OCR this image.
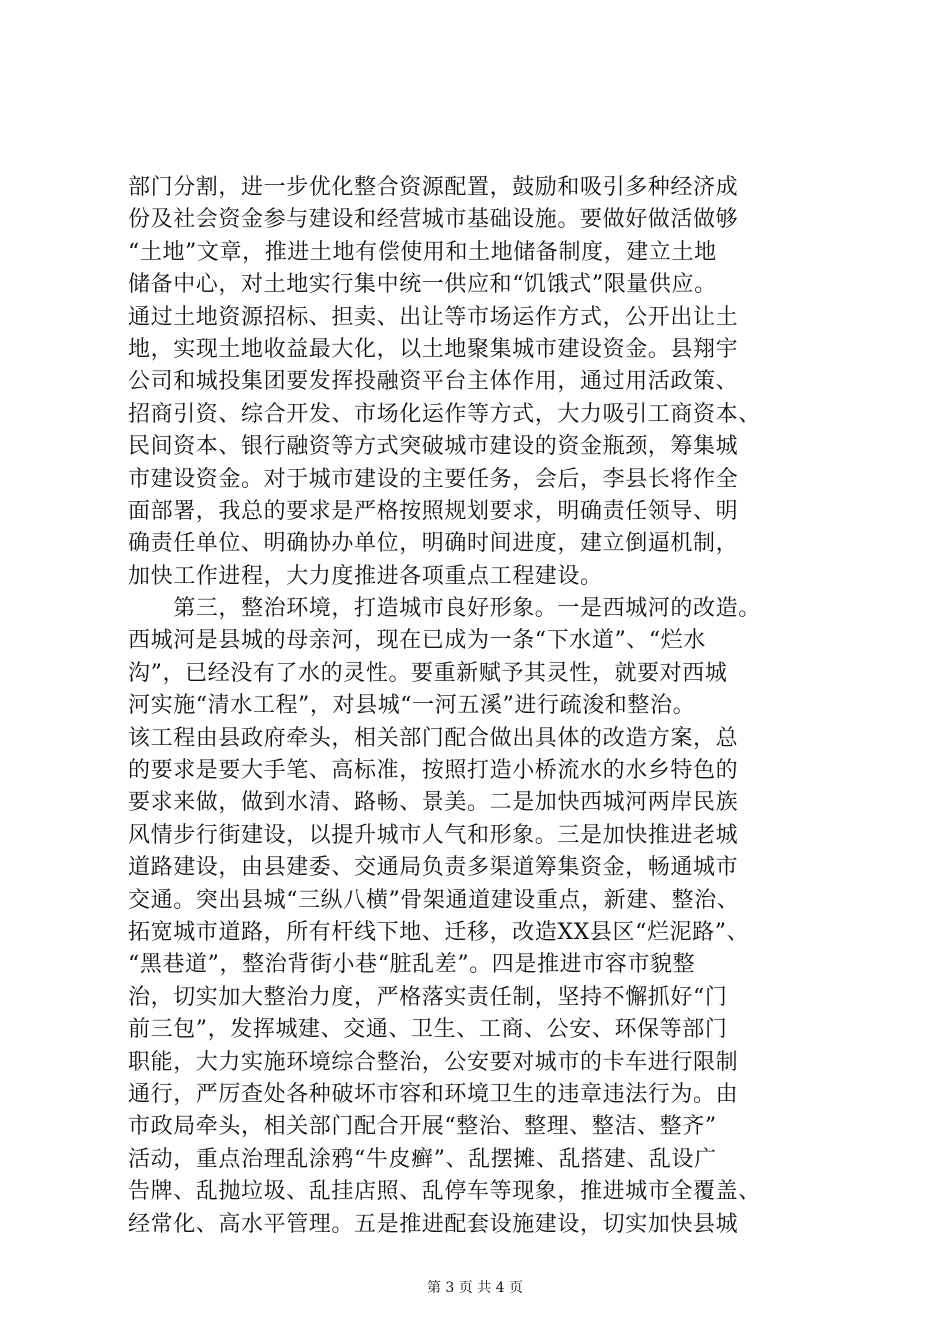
部门分割，进一步优化整合资源配置，鼓励和吸引多种经济成
份及社会资金参与建设和经营城市基础设施。要做好做活做够
“土地”文章，推进土地有偿使用和土地储备制度，建立土地
储备中心，对土地实行集中统一供应和“饥饿式”限量供应。
通过土地资源招标、担卖、出让等市场运作方式，公开出让土
地，实现土地收益最大化，以土地聚集城市建设资金。县翔宇
公司和城投集团要发挥投融资平台主体作用，通过用活政策、
招商引资、综合开发、市场化运作等方式，大力吸引工商资本、
民间资本、银行融资等方式突破城市建设的资金瓶颈，筹集城
市建设资金。对于城市建设的主要任务，会后，李县长将作全
面部署，我总的要求是严格按照规划要求，明确责任领导、明
确责任单位、明确协办单位，明确时间进度，建立倒逼机制，
加快工作进程，大力度推进各项重点工程建设。
　　第三，整治环境，打造城市良好形象。一是西城河的改造。
西城河是县城的母亲河，现在已成为一条“下水道”、“烂水
沟”，已经没有了水的灵性。要重新赋予其灵性，就要对西城
河实施“清水工程”，对县城“一河五溪”进行疏浚和整治。
该工程由县政府牵头，相关部门配合做出具体的改造方案，总
的要求是要大手笔、高标准，按照打造小桥流水的水乡特色的
要求来做，做到水清、路畅、景美。二是加快西城河两岸民族
风情步行街建设，以提升城市人气和形象。三是加快推进老城
道路建设，由县建委、交通局负责多渠道筹集资金，畅通城市
交通。突出县城“三纵八横”骨架通道建设重点，新建、整治、
拓宽城市道路，所有杆线下地、迁移，改造XX县区“烂泥路”、
“黑巷道”，整治背街小巷“脏乱差”。四是推进市容市貌整
治，切实加大整治力度，严格落实责任制，坚持不懈抓好“门
前三包”，发挥城建、交通、卫生、工商、公安、环保等部门
职能，大力实施环境综合整治，公安要对城市的卡车进行限制
通行，严厉查处各种破坏市容和环境卫生的违章违法行为。由
市政局牵头，相关部门配合开展“整治、整理、整洁、整齐”
活动，重点治理乱涂鸦“牛皮癣”、乱摆摊、乱搭建、乱设广
告牌、乱抛垃圾、乱挂店照、乱停车等现象，推进城市全覆盖、
经常化、高水平管理。五是推进配套设施建设，切实加快县城
第 3 页 共 4 页
